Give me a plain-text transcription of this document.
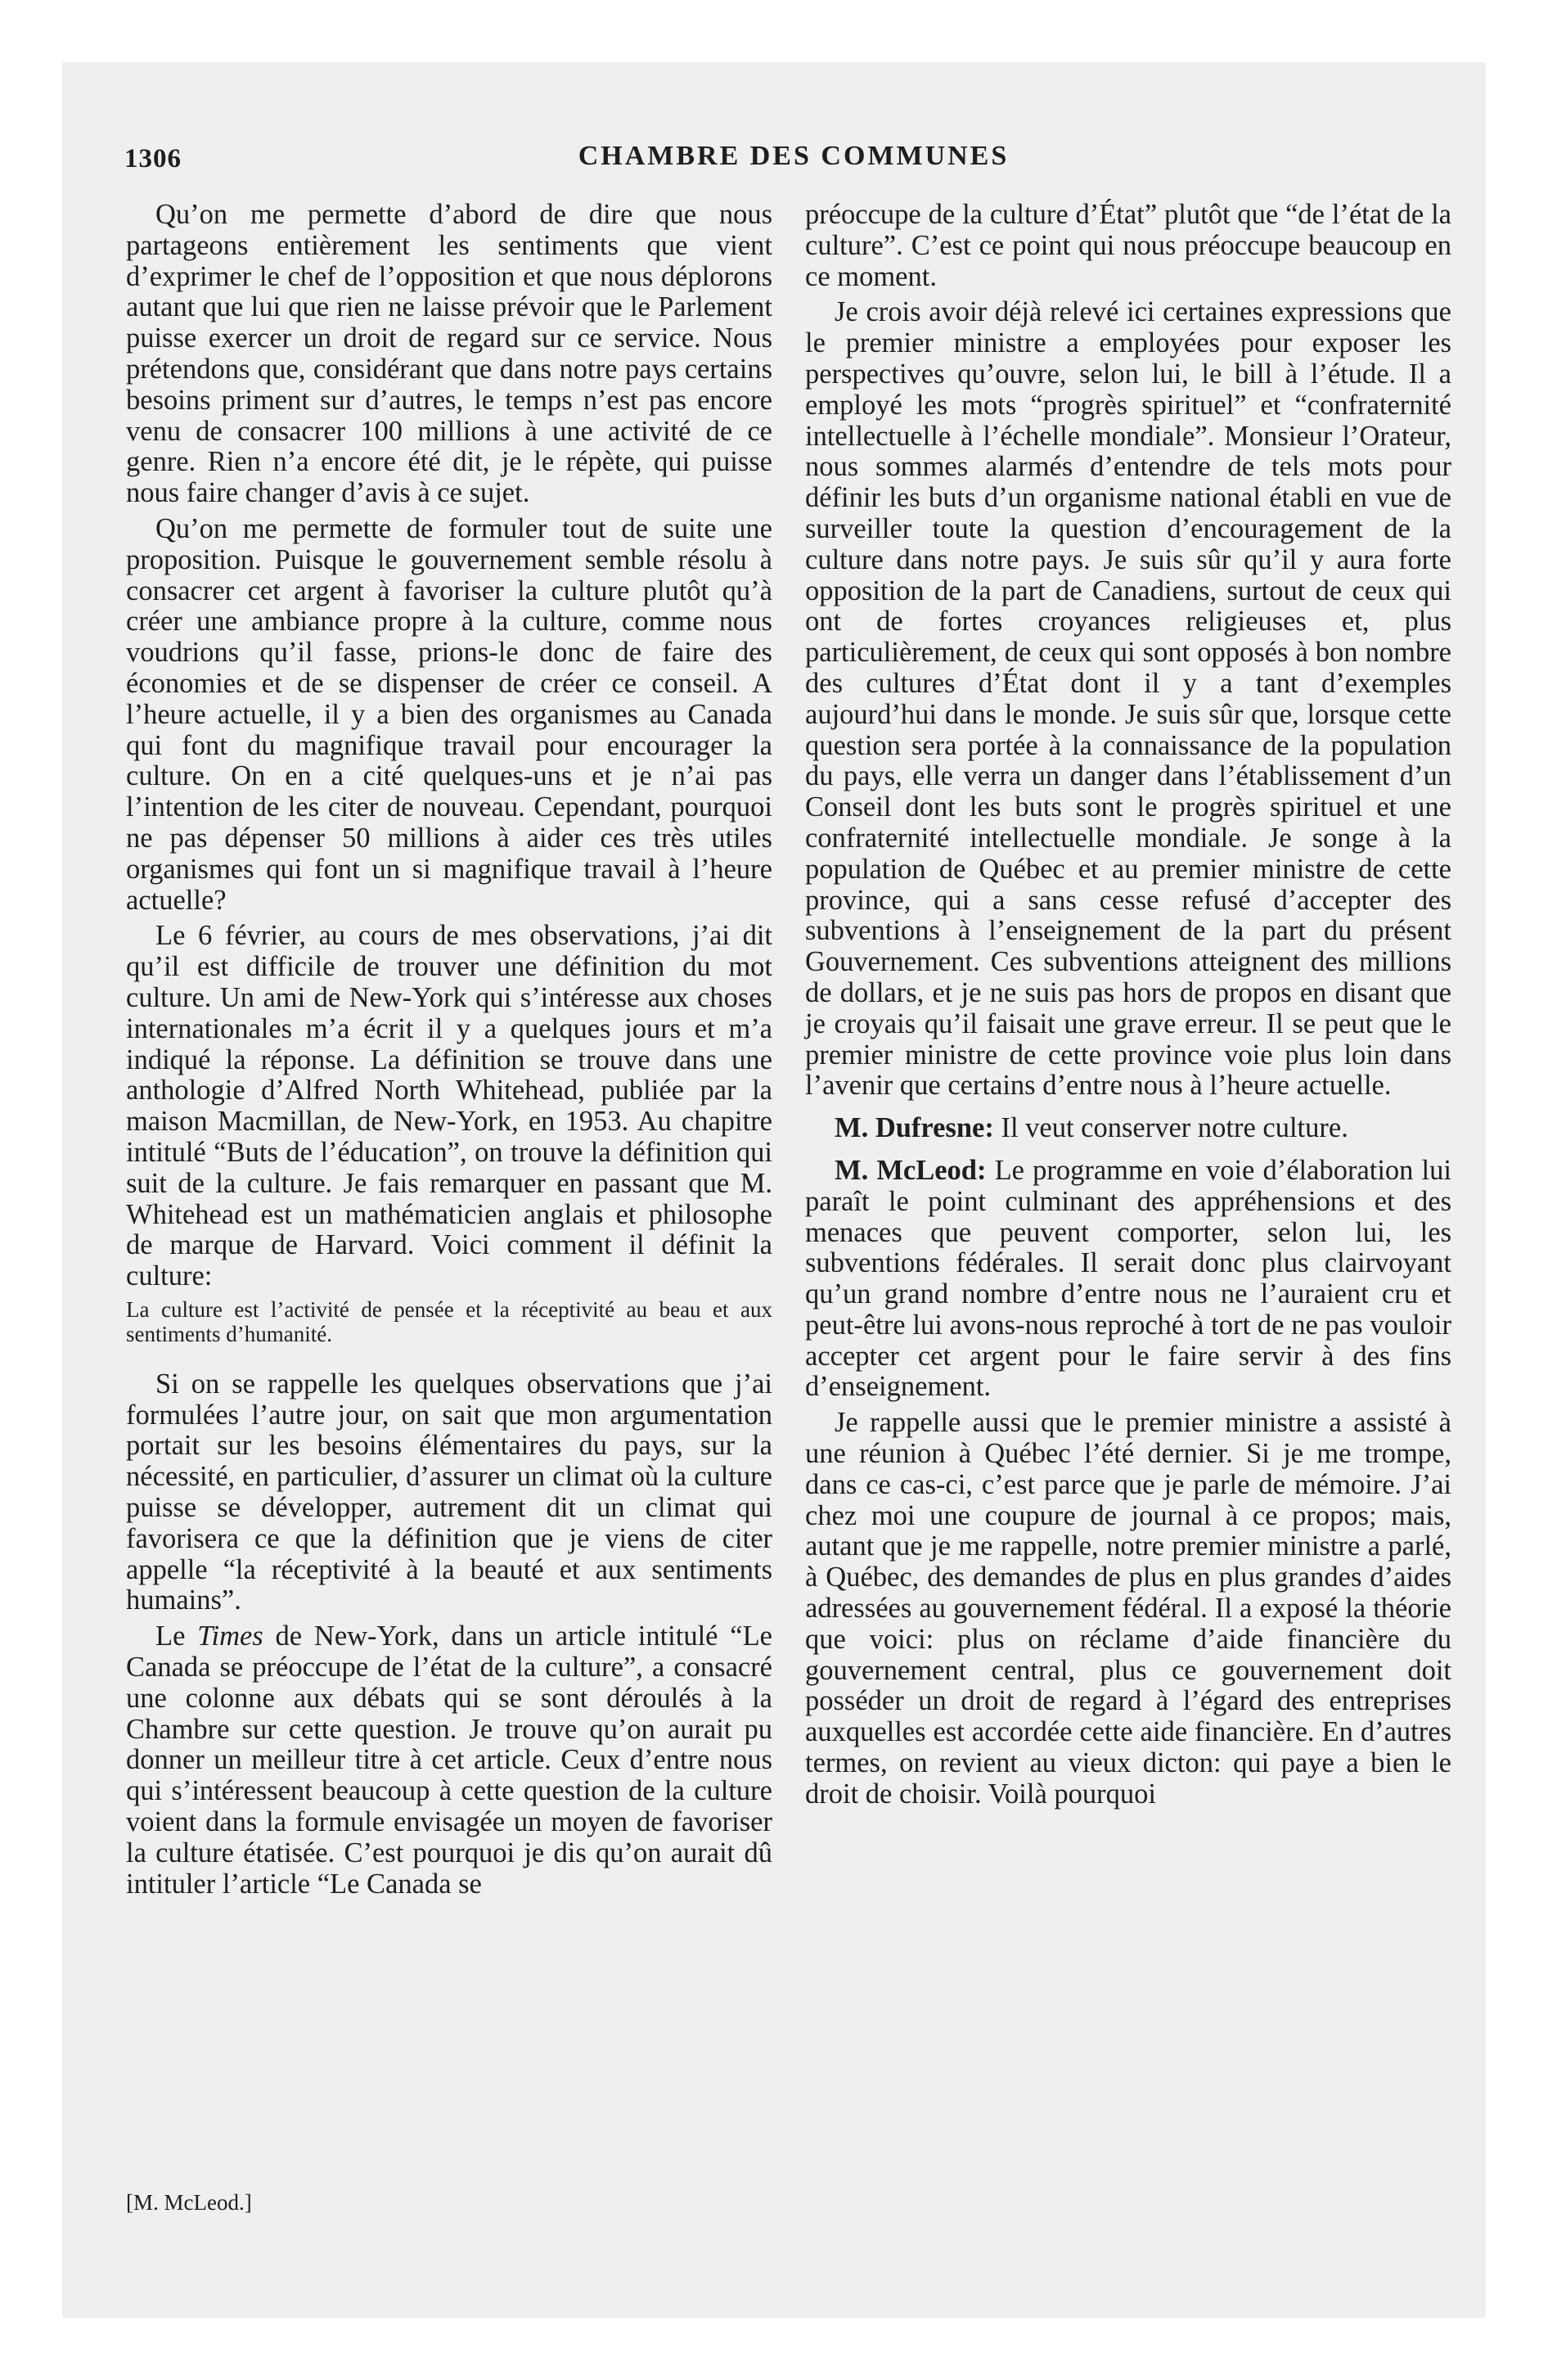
1306	CHAMBRE DES COMMUNES

Qu’on me permette d’abord de dire que nous partageons entièrement les sentiments que vient d’exprimer le chef de l’opposition et que nous déplorons autant que lui que rien ne laisse prévoir que le Parlement puisse exercer un droit de regard sur ce service. Nous prétendons que, considérant que dans notre pays certains besoins priment sur d’autres, le temps n’est pas encore venu de consacrer 100 millions à une activité de ce genre. Rien n’a encore été dit, je le répète, qui puisse nous faire changer d’avis à ce sujet.

Qu’on me permette de formuler tout de suite une proposition. Puisque le gouvernement semble résolu à consacrer cet argent à favoriser la culture plutôt qu’à créer une ambiance propre à la culture, comme nous voudrions qu’il fasse, prions-le donc de faire des économies et de se dispenser de créer ce conseil. A l’heure actuelle, il y a bien des organismes au Canada qui font du magnifique travail pour encourager la culture. On en a cité quelques-uns et je n’ai pas l’intention de les citer de nouveau. Cependant, pourquoi ne pas dépenser 50 millions à aider ces très utiles organismes qui font un si magnifique travail à l’heure actuelle?

Le 6 février, au cours de mes observations, j’ai dit qu’il est difficile de trouver une définition du mot culture. Un ami de New-York qui s’intéresse aux choses internationales m’a écrit il y a quelques jours et m’a indiqué la réponse. La définition se trouve dans une anthologie d’Alfred North Whitehead, publiée par la maison Macmillan, de New-York, en 1953. Au chapitre intitulé “Buts de l’éducation”, on trouve la définition qui suit de la culture. Je fais remarquer en passant que M. Whitehead est un mathématicien anglais et philosophe de marque de Harvard. Voici comment il définit la culture:

La culture est l’activité de pensée et la réceptivité au beau et aux sentiments d’humanité.

Si on se rappelle les quelques observations que j’ai formulées l’autre jour, on sait que mon argumentation portait sur les besoins élémentaires du pays, sur la nécessité, en particulier, d’assurer un climat où la culture puisse se développer, autrement dit un climat qui favorisera ce que la définition que je viens de citer appelle “la réceptivité à la beauté et aux sentiments humains”.

Le Times de New-York, dans un article intitulé “Le Canada se préoccupe de l’état de la culture”, a consacré une colonne aux débats qui se sont déroulés à la Chambre sur cette question. Je trouve qu’on aurait pu donner un meilleur titre à cet article. Ceux d’entre nous qui s’intéressent beaucoup à cette question de la culture voient dans la formule envisagée un moyen de favoriser la culture étatisée. C’est pourquoi je dis qu’on aurait dû intituler l’article “Le Canada se

préoccupe de la culture d’État” plutôt que “de l’état de la culture”. C’est ce point qui nous préoccupe beaucoup en ce moment.

Je crois avoir déjà relevé ici certaines expressions que le premier ministre a employées pour exposer les perspectives qu’ouvre, selon lui, le bill à l’étude. Il a employé les mots “progrès spirituel” et “confraternité intellectuelle à l’échelle mondiale”. Monsieur l’Orateur, nous sommes alarmés d’entendre de tels mots pour définir les buts d’un organisme national établi en vue de surveiller toute la question d’encouragement de la culture dans notre pays. Je suis sûr qu’il y aura forte opposition de la part de Canadiens, surtout de ceux qui ont de fortes croyances religieuses et, plus particulièrement, de ceux qui sont opposés à bon nombre des cultures d’État dont il y a tant d’exemples aujourd’hui dans le monde. Je suis sûr que, lorsque cette question sera portée à la connaissance de la population du pays, elle verra un danger dans l’établissement d’un Conseil dont les buts sont le progrès spirituel et une confraternité intellectuelle mondiale. Je songe à la population de Québec et au premier ministre de cette province, qui a sans cesse refusé d’accepter des subventions à l’enseignement de la part du présent Gouvernement. Ces subventions atteignent des millions de dollars, et je ne suis pas hors de propos en disant que je croyais qu’il faisait une grave erreur. Il se peut que le premier ministre de cette province voie plus loin dans l’avenir que certains d’entre nous à l’heure actuelle.

M. Dufresne: Il veut conserver notre culture.

M. McLeod: Le programme en voie d’élaboration lui paraît le point culminant des appréhensions et des menaces que peuvent comporter, selon lui, les subventions fédérales. Il serait donc plus clairvoyant qu’un grand nombre d’entre nous ne l’auraient cru et peut-être lui avons-nous reproché à tort de ne pas vouloir accepter cet argent pour le faire servir à des fins d’enseignement.

Je rappelle aussi que le premier ministre a assisté à une réunion à Québec l’été dernier. Si je me trompe, dans ce cas-ci, c’est parce que je parle de mémoire. J’ai chez moi une coupure de journal à ce propos; mais, autant que je me rappelle, notre premier ministre a parlé, à Québec, des demandes de plus en plus grandes d’aides adressées au gouvernement fédéral. Il a exposé la théorie que voici: plus on réclame d’aide financière du gouvernement central, plus ce gouvernement doit posséder un droit de regard à l’égard des entreprises auxquelles est accordée cette aide financière. En d’autres termes, on revient au vieux dicton: qui paye a bien le droit de choisir. Voilà pourquoi

[M. McLeod.]
